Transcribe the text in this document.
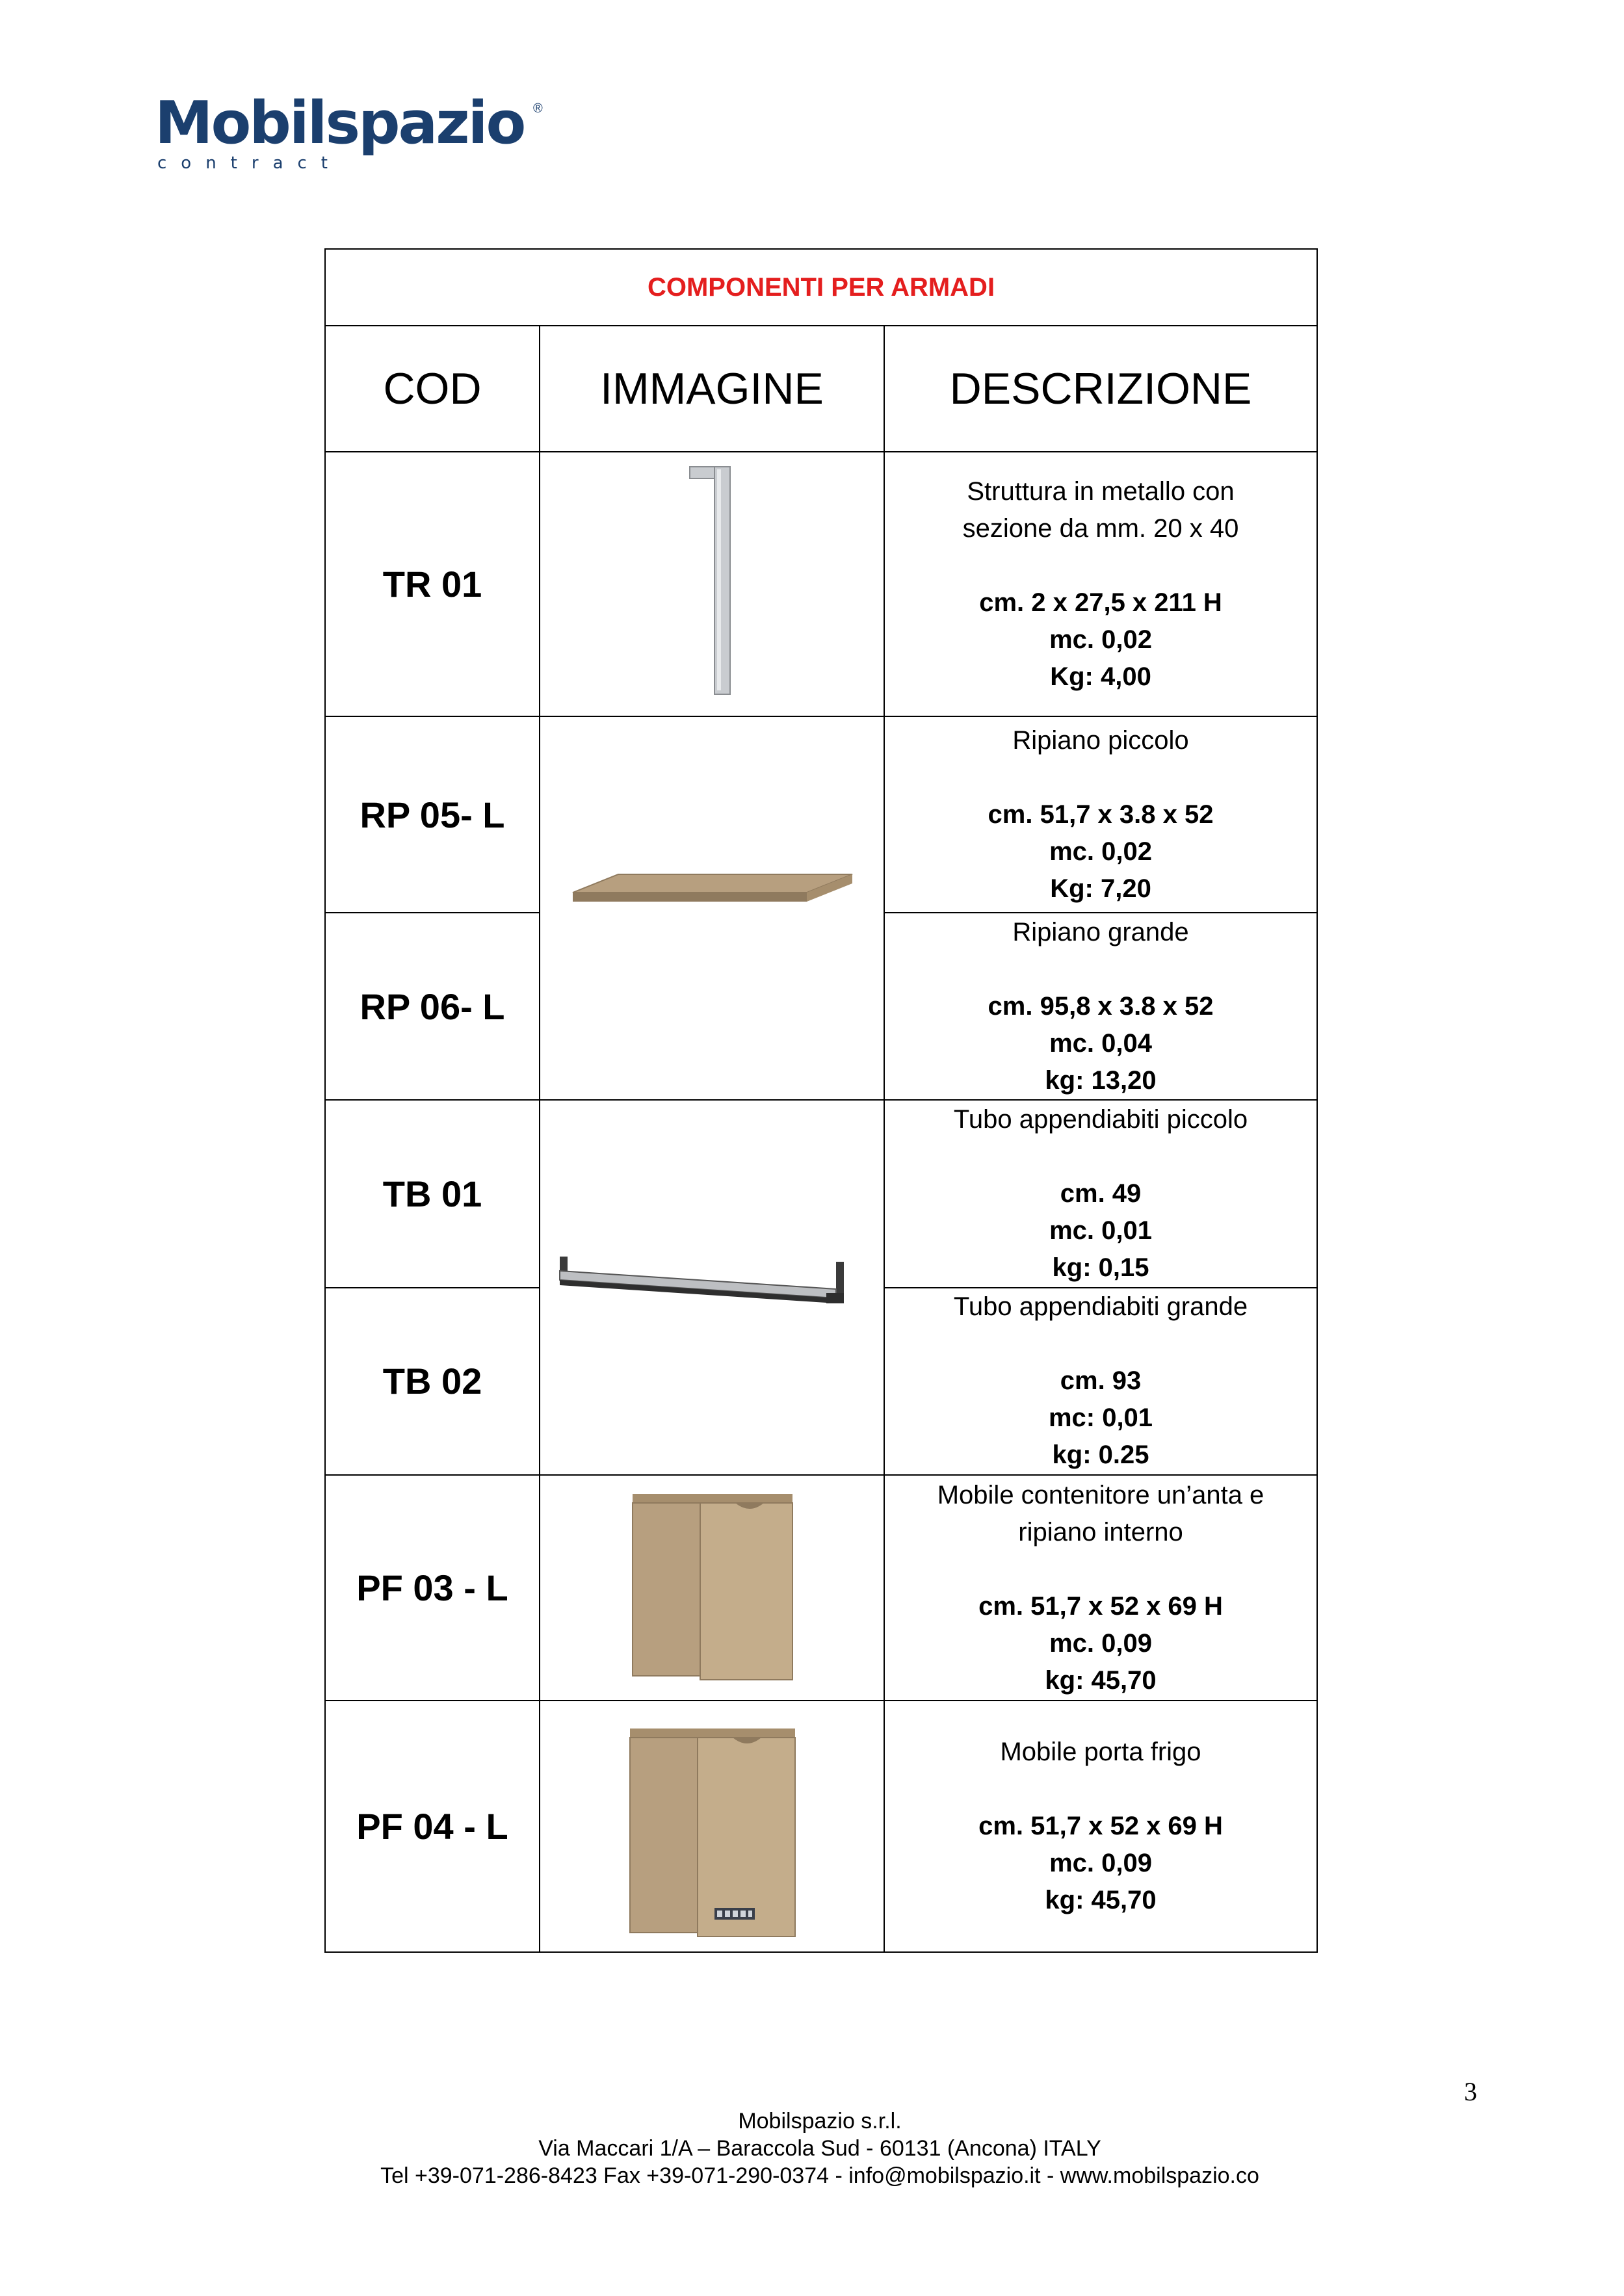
Mobilspazio ®
contract
COMPONENTI PER ARMADI		
COD	IMMAGINE	DESCRIZIONE
TR 01		Struttura in metallo con
sezione da mm. 20 x 40
cm. 2 x 27,5 x 211 H
mc. 0,02
Kg: 4,00

RP 05- L		Ripiano piccolo
cm. 51,7 x 3.8 x 52
mc. 0,02
Kg: 7,20

RP 06- L		Ripiano grande
cm. 95,8 x 3.8 x 52
mc. 0,04
kg: 13,20

TB 01		Tubo appendiabiti piccolo
cm. 49
mc. 0,01
kg: 0,15

TB 02		Tubo appendiabiti grande
cm. 93
mc: 0,01
kg: 0.25

PF 03 - L		Mobile contenitore un’anta e
ripiano interno
cm. 51,7 x 52 x 69 H
mc. 0,09
kg: 45,70

PF 04 - L		Mobile porta frigo
cm. 51,7 x 52 x 69 H
mc. 0,09
kg: 45,70
3
Mobilspazio s.r.l.
Via Maccari 1/A – Baraccola Sud - 60131 (Ancona) ITALY
Tel +39-071-286-8423 Fax +39-071-290-0374 - info@mobilspazio.it - www.mobilspazio.co
